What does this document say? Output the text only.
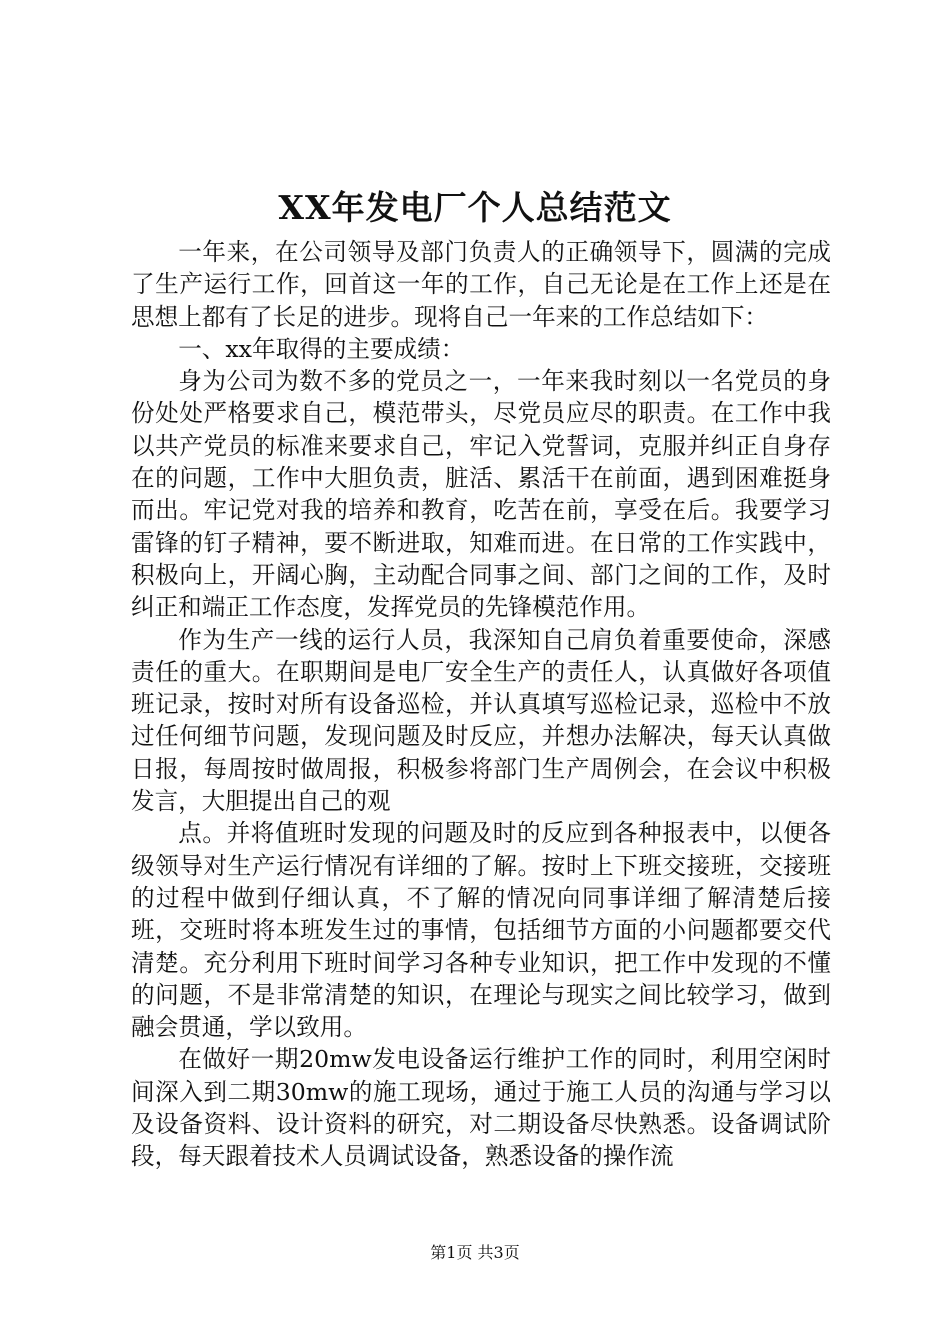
XX年发电厂个人总结范文

一年来，在公司领导及部门负责人的正确领导下，圆满的完成了生产运行工作，回首这一年的工作，自己无论是在工作上还是在思想上都有了长足的进步。现将自己一年来的工作总结如下：

一、xx年取得的主要成绩：

身为公司为数不多的党员之一，一年来我时刻以一名党员的身份处处严格要求自己，模范带头，尽党员应尽的职责。在工作中我以共产党员的标准来要求自己，牢记入党誓词，克服并纠正自身存在的问题，工作中大胆负责，脏活、累活干在前面，遇到困难挺身而出。牢记党对我的培养和教育，吃苦在前，享受在后。我要学习雷锋的钉子精神，要不断进取，知难而进。在日常的工作实践中，积极向上，开阔心胸，主动配合同事之间、部门之间的工作，及时纠正和端正工作态度，发挥党员的先锋模范作用。

作为生产一线的运行人员，我深知自己肩负着重要使命，深感责任的重大。在职期间是电厂安全生产的责任人，认真做好各项值班记录，按时对所有设备巡检，并认真填写巡检记录，巡检中不放过任何细节问题，发现问题及时反应，并想办法解决，每天认真做日报，每周按时做周报，积极参将部门生产周例会，在会议中积极发言，大胆提出自己的观

点。并将值班时发现的问题及时的反应到各种报表中，以便各级领导对生产运行情况有详细的了解。按时上下班交接班，交接班的过程中做到仔细认真，不了解的情况向同事详细了解清楚后接班，交班时将本班发生过的事情，包括细节方面的小问题都要交代清楚。充分利用下班时间学习各种专业知识，把工作中发现的不懂的问题，不是非常清楚的知识，在理论与现实之间比较学习，做到融会贯通，学以致用。

在做好一期20mw发电设备运行维护工作的同时，利用空闲时间深入到二期30mw的施工现场，通过于施工人员的沟通与学习以及设备资料、设计资料的研究，对二期设备尽快熟悉。设备调试阶段，每天跟着技术人员调试设备，熟悉设备的操作流

第1页 共3页
